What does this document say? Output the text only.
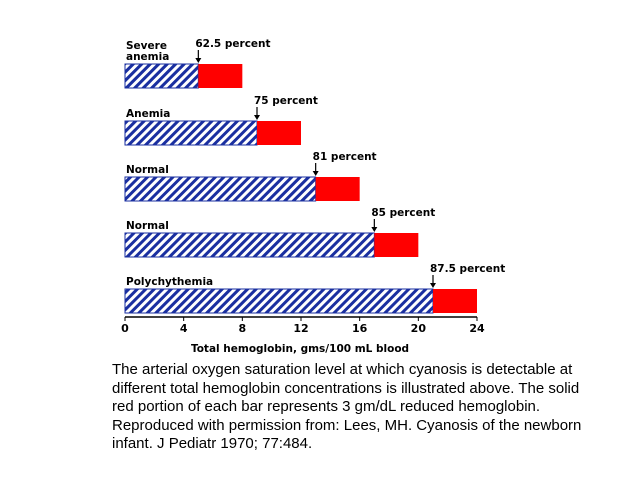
Severe
anemia
62.5 percent
Anemia
75 percent
Normal
81 percent
Normal
85 percent
Polychythemia
87.5 percent
0	4	8	12	16	20	24
Total hemoglobin, gms/100 mL blood

The arterial oxygen saturation level at which cyanosis is detectable at different total hemoglobin concentrations is illustrated above. The solid red portion of each bar represents 3 gm/dL reduced hemoglobin. Reproduced with permission from: Lees, MH. Cyanosis of the newborn infant. J Pediatr 1970; 77:484.
